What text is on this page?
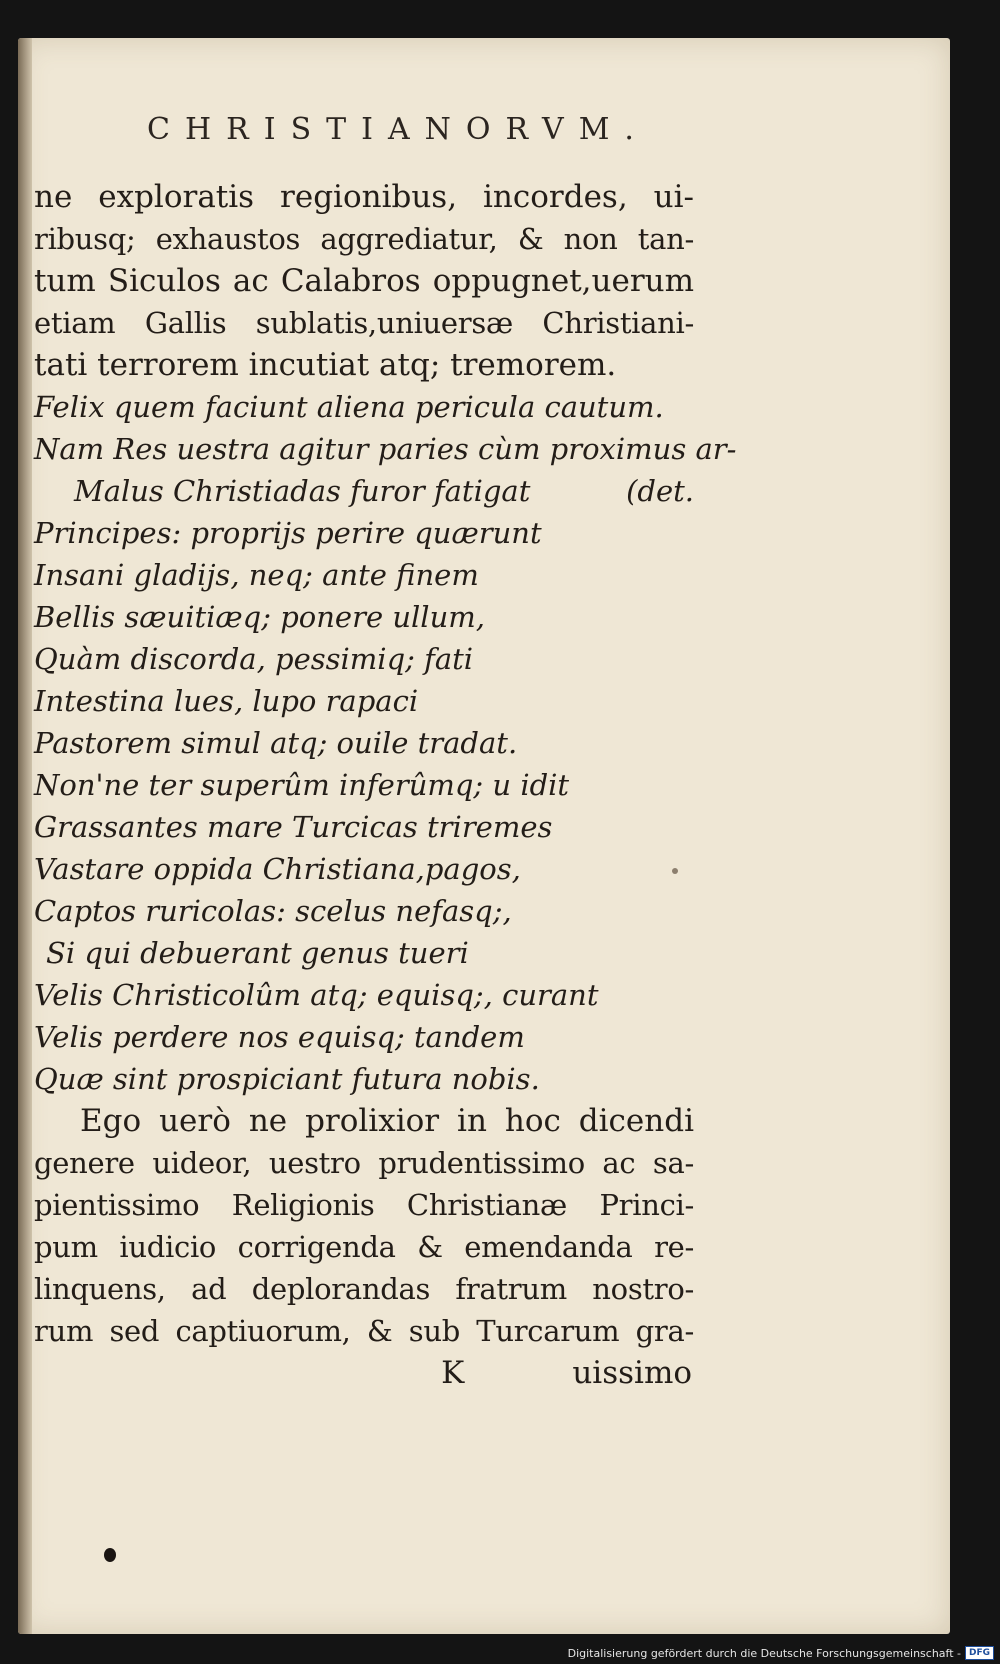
CHRISTIANORVM.
ne exploratis regionibus, incordes, ui-
ribusq; exhaustos aggrediatur, & non tan-
tum Siculos ac Calabros oppugnet,uerum
etiam Gallis sublatis,uniuersæ Christiani-
tati terrorem incutiat atq; tremorem.
Felix quem faciunt aliena pericula cautum.
Nam Res uestra agitur paries cùm proximus ar-
Malus Christiadas furor fatigat	(det.
Principes: proprijs perire quærunt
Insani gladijs, neq; ante finem
Bellis sæuitiæq; ponere ullum,
Quàm discorda, pessimiq; fati
Intestina lues, lupo rapaci
Pastorem simul atq; ouile tradat.
Non'ne ter superûm inferûmq; u idit
Grassantes mare Turcicas triremes
Vastare oppida Christiana,pagos,
Captos ruricolas: scelus nefasq;,
Si qui debuerant genus tueri
Velis Christicolûm atq; equisq;, curant
Velis perdere nos equisq; tandem
Quæ sint prospiciant futura nobis.
Ego uerò ne prolixior in hoc dicendi
genere uideor, uestro prudentissimo ac sa-
pientissimo Religionis Christianæ Princi-
pum iudicio corrigenda & emendanda re-
linquens, ad deplorandas fratrum nostro-
rum sed captiuorum, & sub Turcarum gra-
K	uissimo
Digitalisierung gefördert durch die Deutsche Forschungsgemeinschaft - DFG
